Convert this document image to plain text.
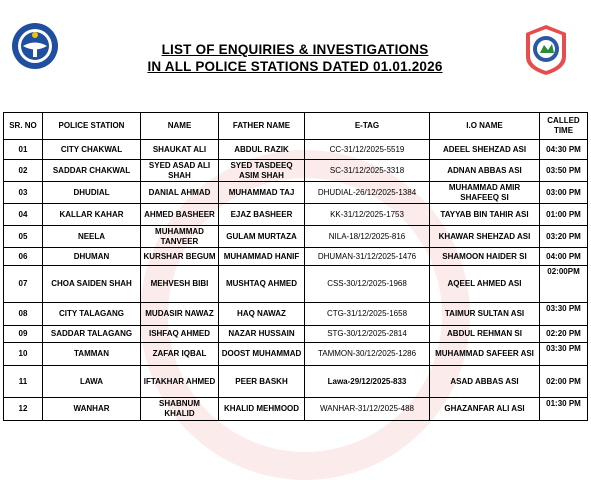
LIST OF ENQUIRIES & INVESTIGATIONS
IN ALL POLICE STATIONS DATED 01.01.2026
SR. NO	POLICE STATION	NAME	FATHER NAME	E-TAG	I.O NAME	CALLED TIME
01	CITY CHAKWAL	SHAUKAT ALI	ABDUL RAZIK	CC-31/12/2025-5519	ADEEL SHEHZAD ASI	04:30 PM
02	SADDAR CHAKWAL	SYED ASAD ALI SHAH	SYED TASDEEQ ASIM SHAH	SC-31/12/2025-3318	ADNAN ABBAS ASI	03:50 PM
03	DHUDIAL	DANIAL AHMAD	MUHAMMAD TAJ	DHUDIAL-26/12/2025-1384	MUHAMMAD AMIR SHAFEEQ SI	03:00 PM
04	KALLAR KAHAR	AHMED BASHEER	EJAZ BASHEER	KK-31/12/2025-1753	TAYYAB BIN TAHIR ASI	01:00 PM
05	NEELA	MUHAMMAD TANVEER	GULAM MURTAZA	NILA-18/12/2025-816	KHAWAR SHEHZAD ASI	03:20 PM
06	DHUMAN	KURSHAR BEGUM	MUHAMMAD HANIF	DHUMAN-31/12/2025-1476	SHAMOON HAIDER SI	04:00 PM
07	CHOA SAIDEN SHAH	MEHVESH BIBI	MUSHTAQ AHMED	CSS-30/12/2025-1968	AQEEL AHMED ASI	02:00PM
08	CITY TALAGANG	MUDASIR NAWAZ	HAQ NAWAZ	CTG-31/12/2025-1658	TAIMUR SULTAN ASI	03:30 PM
09	SADDAR TALAGANG	ISHFAQ AHMED	NAZAR HUSSAIN	STG-30/12/2025-2814	ABDUL REHMAN SI	02:20 PM
10	TAMMAN	ZAFAR IQBAL	DOOST MUHAMMAD	TAMMON-30/12/2025-1286	MUHAMMAD SAFEER ASI	03:30 PM
11	LAWA	IFTAKHAR AHMED	PEER BASKH	Lawa-29/12/2025-833	ASAD ABBAS ASI	02:00 PM
12	WANHAR	SHABNUM KHALID	KHALID MEHMOOD	WANHAR-31/12/2025-488	GHAZANFAR ALI ASI	01:30 PM
